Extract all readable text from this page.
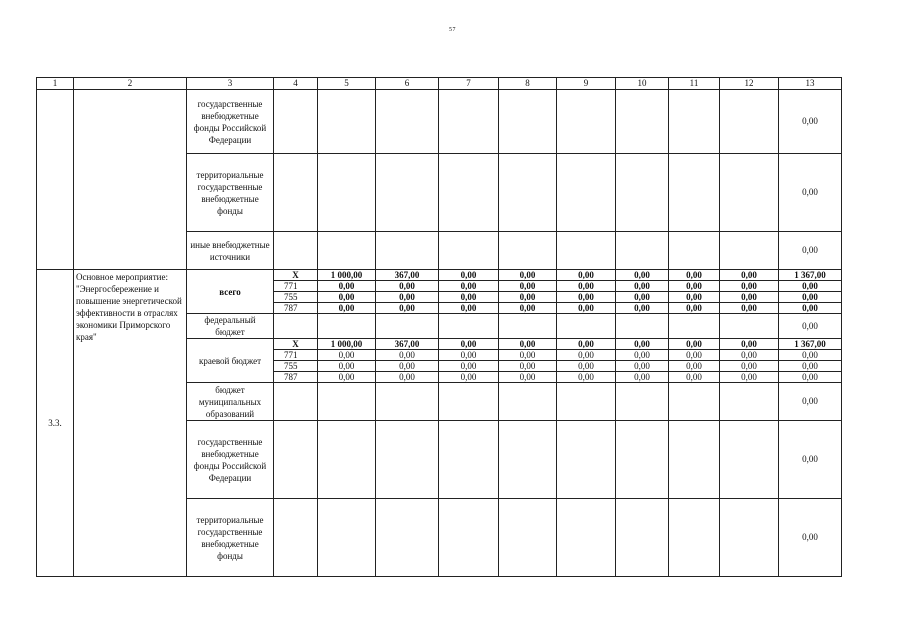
57
1	2	3	4	5	6	7	8	9	10	11	12	13
		государственные внебюджетные фонды Российской Федерации										0,00
		территориальные государственные внебюджетные фонды										0,00
		иные внебюджетные источники										0,00
3.3.	Основное мероприятие: "Энергосбережение и повышение энергетической эффективности в отраслях экономики Приморского края"	всего	X	1 000,00	367,00	0,00	0,00	0,00	0,00	0,00	0,00	1 367,00
			771	0,00	0,00	0,00	0,00	0,00	0,00	0,00	0,00	0,00
			755	0,00	0,00	0,00	0,00	0,00	0,00	0,00	0,00	0,00
			787	0,00	0,00	0,00	0,00	0,00	0,00	0,00	0,00	0,00
		федеральный бюджет										0,00
		краевой бюджет	X	1 000,00	367,00	0,00	0,00	0,00	0,00	0,00	0,00	1 367,00
			771	0,00	0,00	0,00	0,00	0,00	0,00	0,00	0,00	0,00
			755	0,00	0,00	0,00	0,00	0,00	0,00	0,00	0,00	0,00
			787	0,00	0,00	0,00	0,00	0,00	0,00	0,00	0,00	0,00
		бюджет муниципальных образований										0,00
		государственные внебюджетные фонды Российской Федерации										0,00
		территориальные государственные внебюджетные фонды										0,00
